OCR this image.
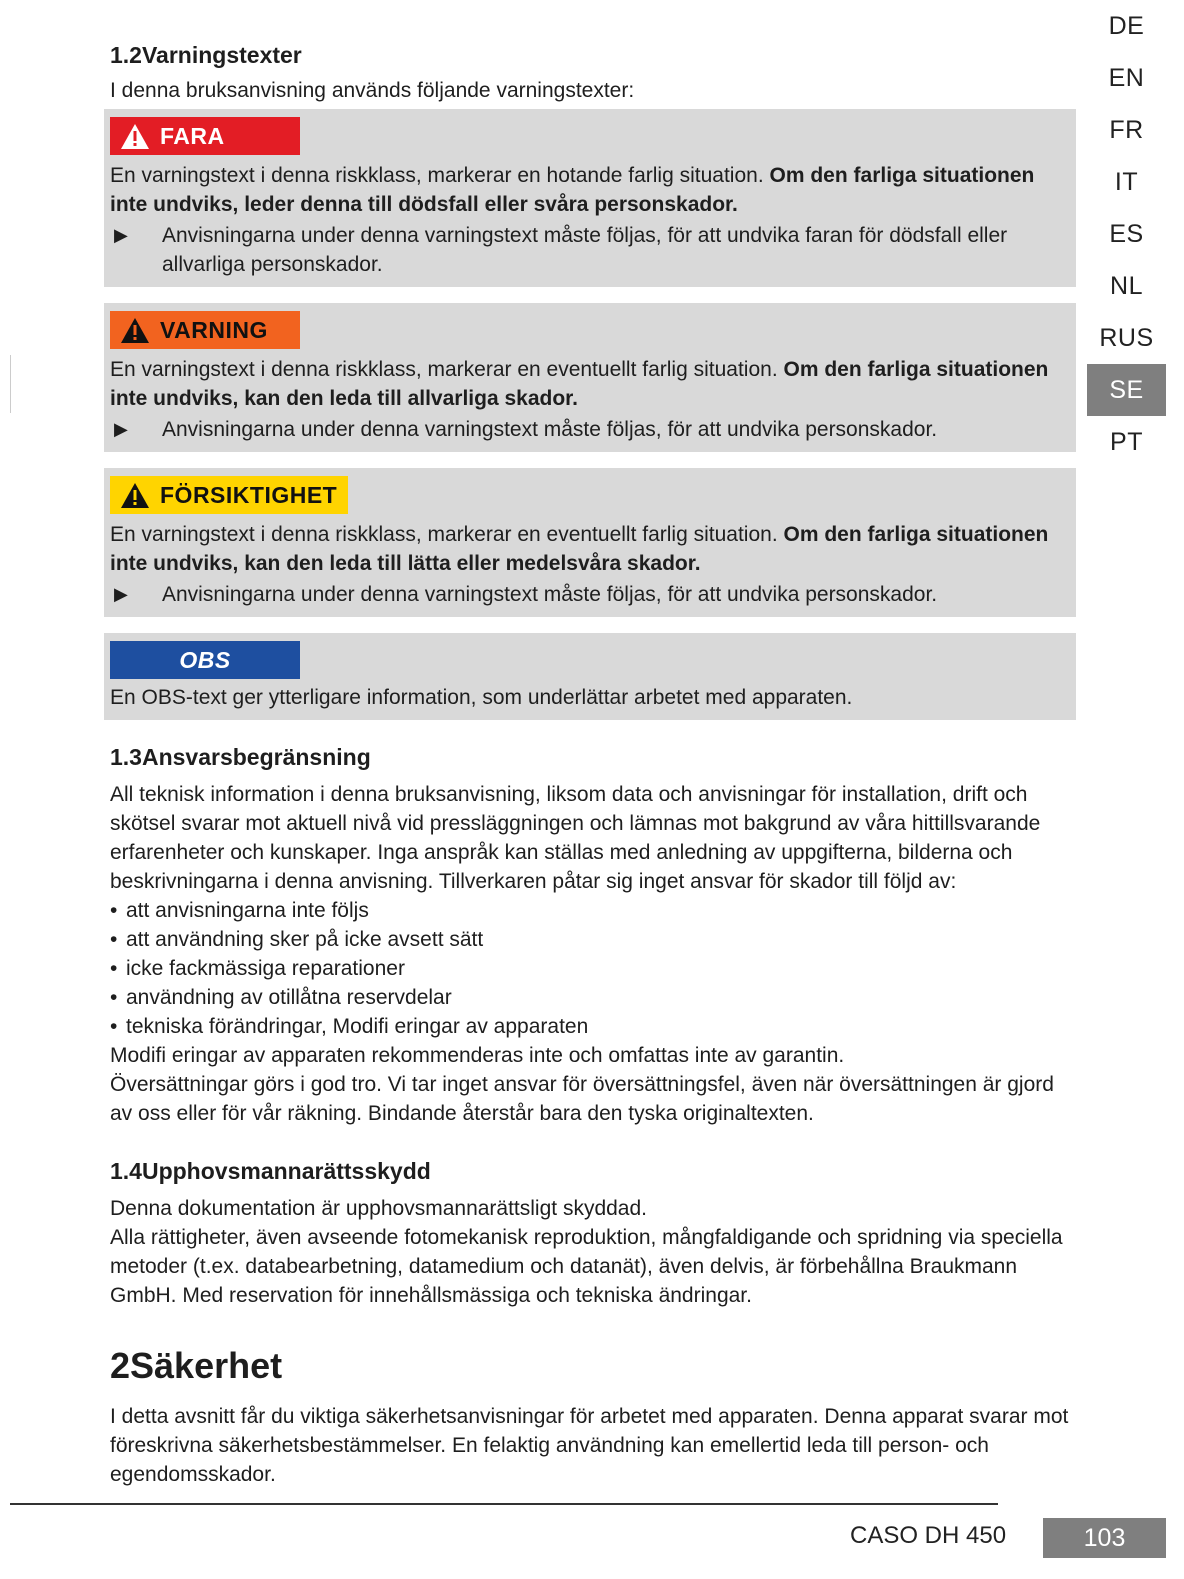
DE
EN
FR
IT
ES
NL
RUS
SE
PT
1.2Varningstexter

I denna bruksanvisning används följande varningstexter:

FARA

En varningstext i denna riskklass, markerar en hotande farlig situation. Om den farliga situationen inte undviks, leder denna till dödsfall eller svåra personskador.

▶	Anvisningarna under denna varningstext måste följas, för att undvika faran för dödsfall eller allvarliga personskador.

VARNING

En varningstext i denna riskklass, markerar en eventuellt farlig situation. Om den farliga situationen inte undviks, kan den leda till allvarliga skador.

▶	Anvisningarna under denna varningstext måste följas, för att undvika personskador.

FÖRSIKTIGHET

En varningstext i denna riskklass, markerar en eventuellt farlig situation. Om den farliga situationen inte undviks, kan den leda till lätta eller medelsvåra skador.

▶	Anvisningarna under denna varningstext måste följas, för att undvika personskador.

OBS

En OBS-text ger ytterligare information, som underlättar arbetet med apparaten.

1.3Ansvarsbegränsning

All teknisk information i denna bruksanvisning, liksom data och anvisningar för installation, drift och skötsel svarar mot aktuell nivå vid pressläggningen och lämnas mot bakgrund av våra hittillsvarande erfarenheter och kunskaper. Inga anspråk kan ställas med anledning av uppgifterna, bilderna och beskrivningarna i denna anvisning. Tillverkaren påtar sig inget ansvar för skador till följd av:

• att anvisningarna inte följs
• att användning sker på icke avsett sätt
• icke fackmässiga reparationer
• användning av otillåtna reservdelar
• tekniska förändringar, Modifi eringar av apparaten

Modifi eringar av apparaten rekommenderas inte och omfattas inte av garantin.

Översättningar görs i god tro. Vi tar inget ansvar för översättningsfel, även när översättningen är gjord av oss eller för vår räkning. Bindande återstår bara den tyska originaltexten.

1.4Upphovsmannarättsskydd

Denna dokumentation är upphovsmannarättsligt skyddad.

Alla rättigheter, även avseende fotomekanisk reproduktion, mångfaldigande och spridning via speciella metoder (t.ex. databearbetning, datamedium och datanät), även delvis, är förbehållna Braukmann GmbH. Med reservation för innehållsmässiga och tekniska ändringar.

2Säkerhet

I detta avsnitt får du viktiga säkerhetsanvisningar för arbetet med apparaten. Denna apparat svarar mot föreskrivna säkerhetsbestämmelser. En felaktig användning kan emellertid leda till person- och egendomsskador.

CASO DH 450	103
